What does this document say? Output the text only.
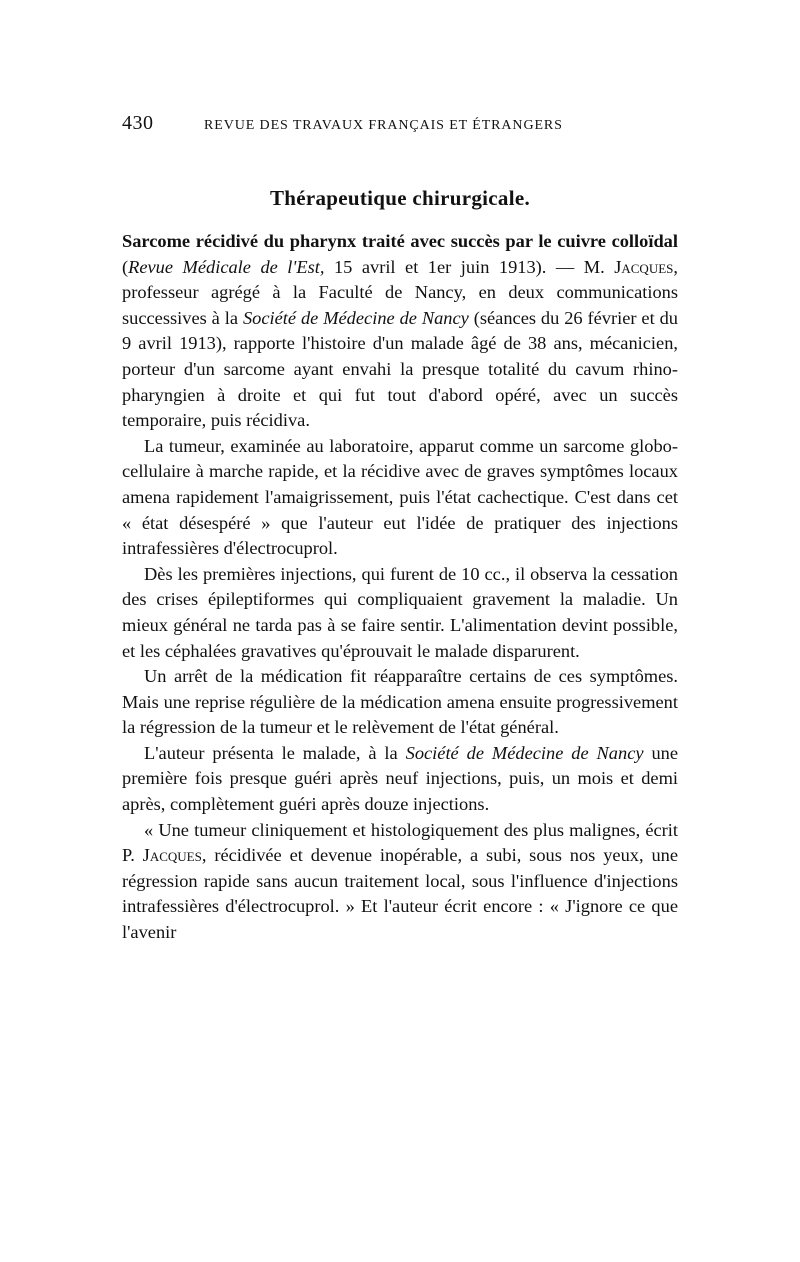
430	REVUE DES TRAVAUX FRANÇAIS ET ÉTRANGERS
Thérapeutique chirurgicale.

Sarcome récidivé du pharynx traité avec succès par le cuivre colloïdal (Revue Médicale de l'Est, 15 avril et 1er juin 1913). — M. Jacques, professeur agrégé à la Faculté de Nancy, en deux communications successives à la Société de Médecine de Nancy (séances du 26 février et du 9 avril 1913), rapporte l'histoire d'un malade âgé de 38 ans, mécanicien, porteur d'un sarcome ayant envahi la presque totalité du cavum rhino-pharyngien à droite et qui fut tout d'abord opéré, avec un succès temporaire, puis récidiva.

La tumeur, examinée au laboratoire, apparut comme un sarcome globo-cellulaire à marche rapide, et la récidive avec de graves symptômes locaux amena rapidement l'amaigrissement, puis l'état cachectique. C'est dans cet « état désespéré » que l'auteur eut l'idée de pratiquer des injections intrafessières d'électrocuprol.

Dès les premières injections, qui furent de 10 cc., il observa la cessation des crises épileptiformes qui compliquaient gravement la maladie. Un mieux général ne tarda pas à se faire sentir. L'alimentation devint possible, et les céphalées gravatives qu'éprouvait le malade disparurent.

Un arrêt de la médication fit réapparaître certains de ces symptômes. Mais une reprise régulière de la médication amena ensuite progressivement la régression de la tumeur et le relèvement de l'état général.

L'auteur présenta le malade, à la Société de Médecine de Nancy une première fois presque guéri après neuf injections, puis, un mois et demi après, complètement guéri après douze injections.

« Une tumeur cliniquement et histologiquement des plus malignes, écrit P. Jacques, récidivée et devenue inopérable, a subi, sous nos yeux, une régression rapide sans aucun traitement local, sous l'influence d'injections intrafessières d'électrocuprol. » Et l'auteur écrit encore : « J'ignore ce que l'avenir
